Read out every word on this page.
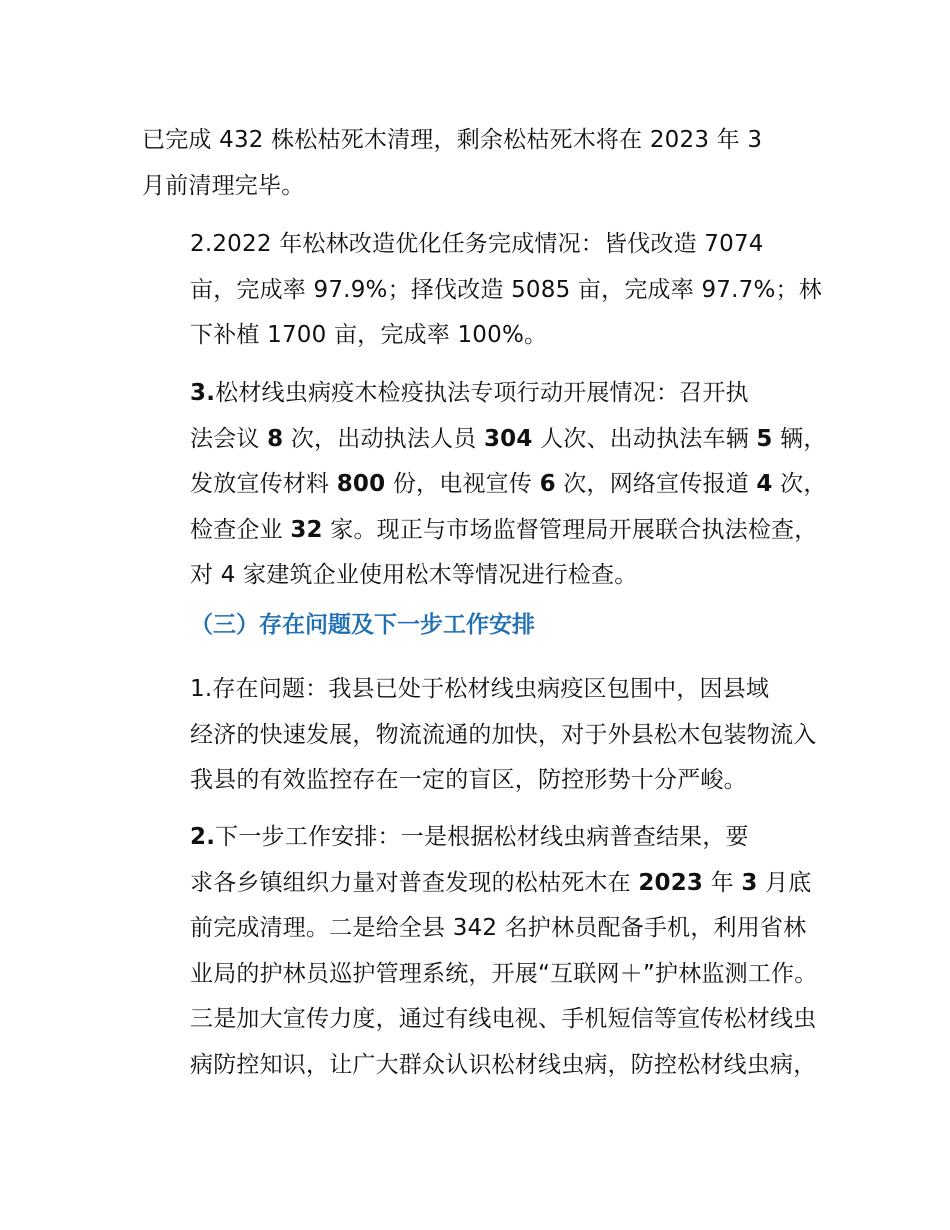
已完成 432 株松枯死木清理，剩余松枯死木将在 2023 年 3
月前清理完毕。

2.2022 年松林改造优化任务完成情况：皆伐改造 7074
亩，完成率 97.9%；择伐改造 5085 亩，完成率 97.7%；林
下补植 1700 亩，完成率 100%。

3.松材线虫病疫木检疫执法专项行动开展情况：召开执
法会议 8 次，出动执法人员 304 人次、出动执法车辆 5 辆，
发放宣传材料 800 份，电视宣传 6 次，网络宣传报道 4 次，
检查企业 32 家。现正与市场监督管理局开展联合执法检查，
对 4 家建筑企业使用松木等情况进行检查。

（三）存在问题及下一步工作安排

1.存在问题：我县已处于松材线虫病疫区包围中，因县域
经济的快速发展，物流流通的加快，对于外县松木包装物流入
我县的有效监控存在一定的盲区，防控形势十分严峻。

2.下一步工作安排：一是根据松材线虫病普查结果，要
求各乡镇组织力量对普查发现的松枯死木在 2023 年 3 月底
前完成清理。二是给全县 342 名护林员配备手机，利用省林
业局的护林员巡护管理系统，开展“互联网＋”护林监测工作。
三是加大宣传力度，通过有线电视、手机短信等宣传松材线虫
病防控知识，让广大群众认识松材线虫病，防控松材线虫病，
